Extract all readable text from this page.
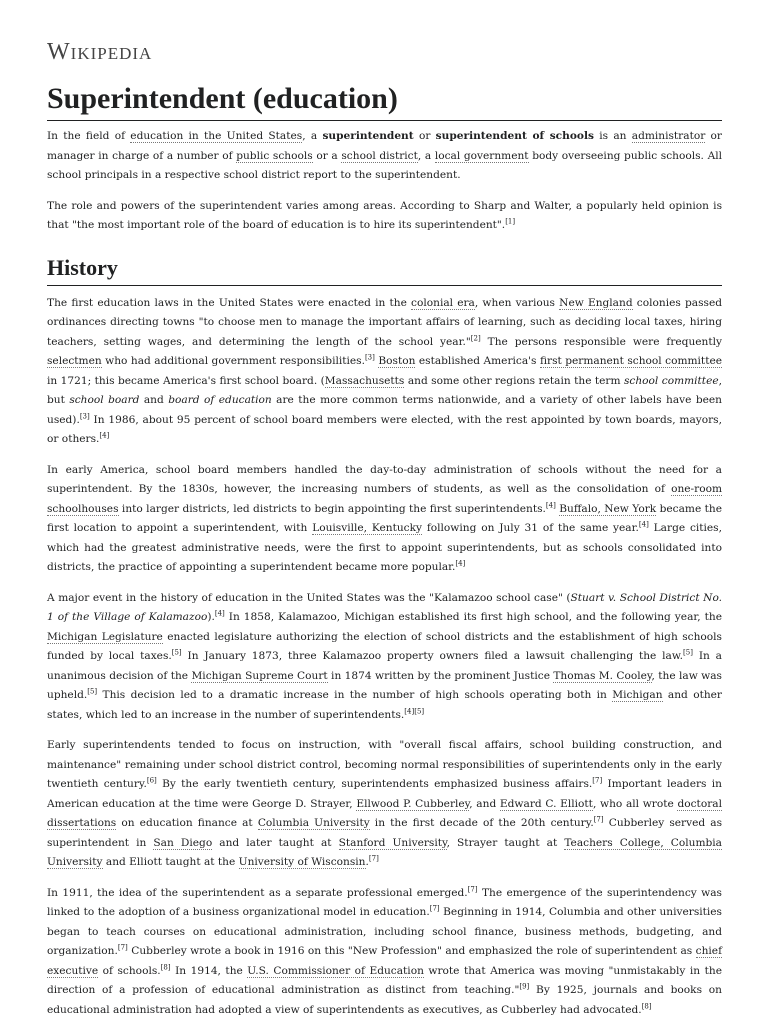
Wikipedia
Superintendent (education)

In the field of education in the United States, a superintendent or superintendent of schools is an administrator or manager in charge of a number of public schools or a school district, a local government body overseeing public schools. All school principals in a respective school district report to the superintendent.

The role and powers of the superintendent varies among areas. According to Sharp and Walter, a popularly held opinion is that "the most important role of the board of education is to hire its superintendent".[1]

History

The first education laws in the United States were enacted in the colonial era, when various New England colonies passed ordinances directing towns "to choose men to manage the important affairs of learning, such as deciding local taxes, hiring teachers, setting wages, and determining the length of the school year."[2] The persons responsible were frequently selectmen who had additional government responsibilities.[3] Boston established America's first permanent school committee in 1721; this became America's first school board. (Massachusetts and some other regions retain the term school committee, but school board and board of education are the more common terms nationwide, and a variety of other labels have been used).[3] In 1986, about 95 percent of school board members were elected, with the rest appointed by town boards, mayors, or others.[4]

In early America, school board members handled the day-to-day administration of schools without the need for a superintendent. By the 1830s, however, the increasing numbers of students, as well as the consolidation of one-room schoolhouses into larger districts, led districts to begin appointing the first superintendents.[4] Buffalo, New York became the first location to appoint a superintendent, with Louisville, Kentucky following on July 31 of the same year.[4] Large cities, which had the greatest administrative needs, were the first to appoint superintendents, but as schools consolidated into districts, the practice of appointing a superintendent became more popular.[4]

A major event in the history of education in the United States was the "Kalamazoo school case" (Stuart v. School District No. 1 of the Village of Kalamazoo).[4] In 1858, Kalamazoo, Michigan established its first high school, and the following year, the Michigan Legislature enacted legislature authorizing the election of school districts and the establishment of high schools funded by local taxes.[5] In January 1873, three Kalamazoo property owners filed a lawsuit challenging the law.[5] In a unanimous decision of the Michigan Supreme Court in 1874 written by the prominent Justice Thomas M. Cooley, the law was upheld.[5] This decision led to a dramatic increase in the number of high schools operating both in Michigan and other states, which led to an increase in the number of superintendents.[4][5]

Early superintendents tended to focus on instruction, with "overall fiscal affairs, school building construction, and maintenance" remaining under school district control, becoming normal responsibilities of superintendents only in the early twentieth century.[6] By the early twentieth century, superintendents emphasized business affairs.[7] Important leaders in American education at the time were George D. Strayer, Ellwood P. Cubberley, and Edward C. Elliott, who all wrote doctoral dissertations on education finance at Columbia University in the first decade of the 20th century.[7] Cubberley served as superintendent in San Diego and later taught at Stanford University, Strayer taught at Teachers College, Columbia University and Elliott taught at the University of Wisconsin.[7]

In 1911, the idea of the superintendent as a separate professional emerged.[7] The emergence of the superintendency was linked to the adoption of a business organizational model in education.[7] Beginning in 1914, Columbia and other universities began to teach courses on educational administration, including school finance, business methods, budgeting, and organization.[7] Cubberley wrote a book in 1916 on this "New Profession" and emphasized the role of superintendent as chief executive of schools.[8] In 1914, the U.S. Commissioner of Education wrote that America was moving "unmistakably in the direction of a profession of educational administration as distinct from teaching."[9] By 1925, journals and books on educational administration had adopted a view of superintendents as executives, as Cubberley had advocated.[8]
